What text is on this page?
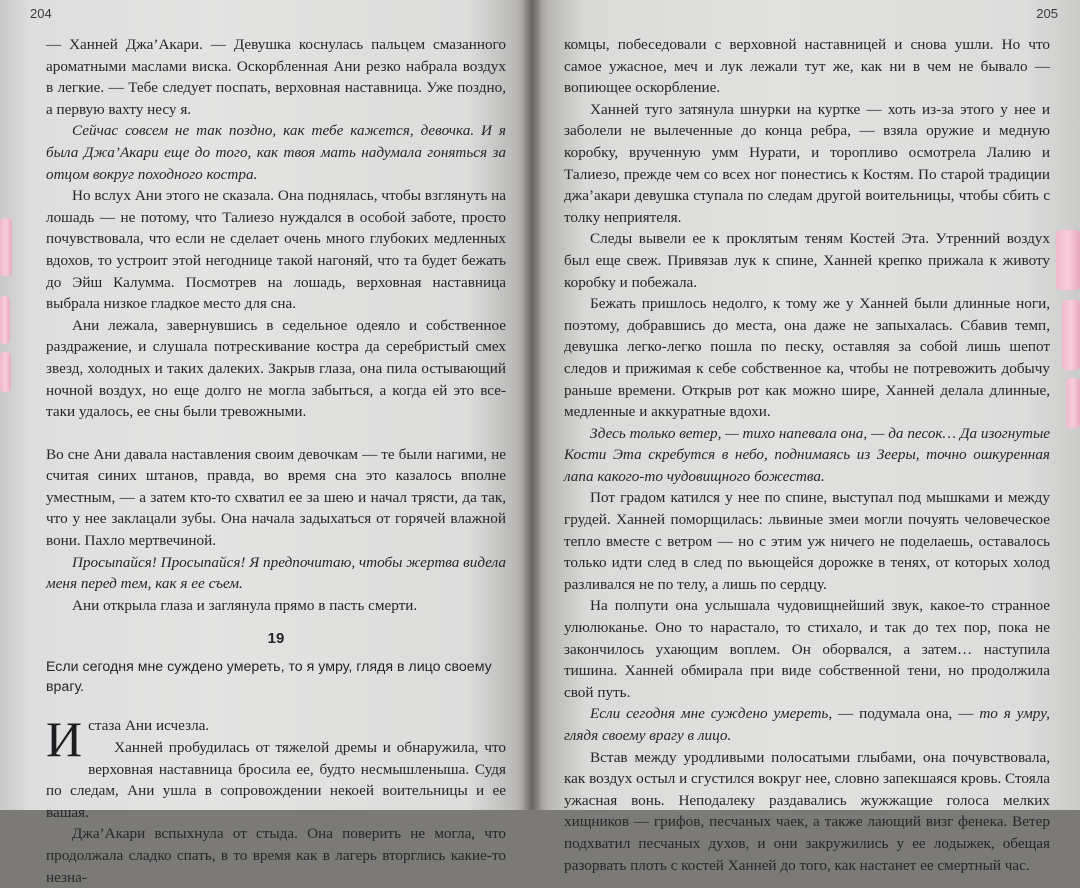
204

— Ханней Джа’Акари. — Девушка коснулась пальцем смазанного ароматными маслами виска. Оскорбленная Ани резко набрала воздух в легкие. — Тебе следует поспать, верховная наставница. Уже поздно, а первую вахту несу я.

Сейчас совсем не так поздно, как тебе кажется, девочка. И я была Джа’Акари еще до того, как твоя мать надумала гоняться за отцом вокруг походного костра.

Но вслух Ани этого не сказала. Она поднялась, чтобы взглянуть на лошадь — не потому, что Талиезо нуждался в особой заботе, просто почувствовала, что если не сделает очень много глубоких медленных вдохов, то устроит этой негоднице такой нагоняй, что та будет бежать до Эйш Калумма. Посмотрев на лошадь, верховная наставница выбрала низкое гладкое место для сна.

Ани лежала, завернувшись в седельное одеяло и собственное раздражение, и слушала потрескивание костра да серебристый смех звезд, холодных и таких далеких. Закрыв глаза, она пила остывающий ночной воздух, но еще долго не могла забыться, а когда ей это все-таки удалось, ее сны были тревожными.

Во сне Ани давала наставления своим девочкам — те были нагими, не считая синих штанов, правда, во время сна это казалось вполне уместным, — а затем кто-то схватил ее за шею и начал трясти, да так, что у нее заклацали зубы. Она начала задыхаться от горячей влажной вони. Пахло мертвечиной.

Просыпайся! Просыпайся! Я предпочитаю, чтобы жертва видела меня перед тем, как я ее съем.

Ани открыла глаза и заглянула прямо в пасть смерти.

19

Если сегодня мне суждено умереть, то я умру, глядя в лицо своему врагу.

Истаза Ани исчезла.

Ханней пробудилась от тяжелой дремы и обнаружила, что верховная наставница бросила ее, будто несмышленыша. Судя по следам, Ани ушла в сопровождении некоей воительницы и ее вашая.

Джа’Акари вспыхнула от стыда. Она поверить не могла, что продолжала сладко спать, в то время как в лагерь вторглись какие-то незна-

205

комцы, побеседовали с верховной наставницей и снова ушли. Но что самое ужасное, меч и лук лежали тут же, как ни в чем не бывало — вопиющее оскорбление.

Ханней туго затянула шнурки на куртке — хоть из-за этого у нее и заболели не вылеченные до конца ребра, — взяла оружие и медную коробку, врученную умм Нурати, и торопливо осмотрела Лалию и Талиезо, прежде чем со всех ног понестись к Костям. По старой традиции джа’акари девушка ступала по следам другой воительницы, чтобы сбить с толку неприятеля.

Следы вывели ее к проклятым теням Костей Эта. Утренний воздух был еще свеж. Привязав лук к спине, Ханней крепко прижала к животу коробку и побежала.

Бежать пришлось недолго, к тому же у Ханней были длинные ноги, поэтому, добравшись до места, она даже не запыхалась. Сбавив темп, девушка легко-легко пошла по песку, оставляя за собой лишь шепот следов и прижимая к себе собственное ка, чтобы не потревожить добычу раньше времени. Открыв рот как можно шире, Ханней делала длинные, медленные и аккуратные вдохи.

Здесь только ветер, — тихо напевала она, — да песок… Да изогнутые Кости Эта скребутся в небо, поднимаясь из Зееры, точно ошкуренная лапа какого-то чудовищного божества.

Пот градом катился у нее по спине, выступал под мышками и между грудей. Ханней поморщилась: львиные змеи могли почуять человеческое тепло вместе с ветром — но с этим уж ничего не поделаешь, оставалось только идти след в след по вьющейся дорожке в тенях, от которых холод разливался не по телу, а лишь по сердцу.

На полпути она услышала чудовищнейший звук, какое-то странное улюлюканье. Оно то нарастало, то стихало, и так до тех пор, пока не закончилось ухающим воплем. Он оборвался, а затем… наступила тишина. Ханней обмирала при виде собственной тени, но продолжила свой путь.

Если сегодня мне суждено умереть, — подумала она, — то я умру, глядя своему врагу в лицо.

Встав между уродливыми полосатыми глыбами, она почувствовала, как воздух остыл и сгустился вокруг нее, словно запекшаяся кровь. Стояла ужасная вонь. Неподалеку раздавались жужжащие голоса мелких хищников — грифов, песчаных чаек, а также лающий визг фенека. Ветер подхватил песчаных духов, и они закружились у ее лодыжек, обещая разорвать плоть с костей Ханней до того, как настанет ее смертный час.
